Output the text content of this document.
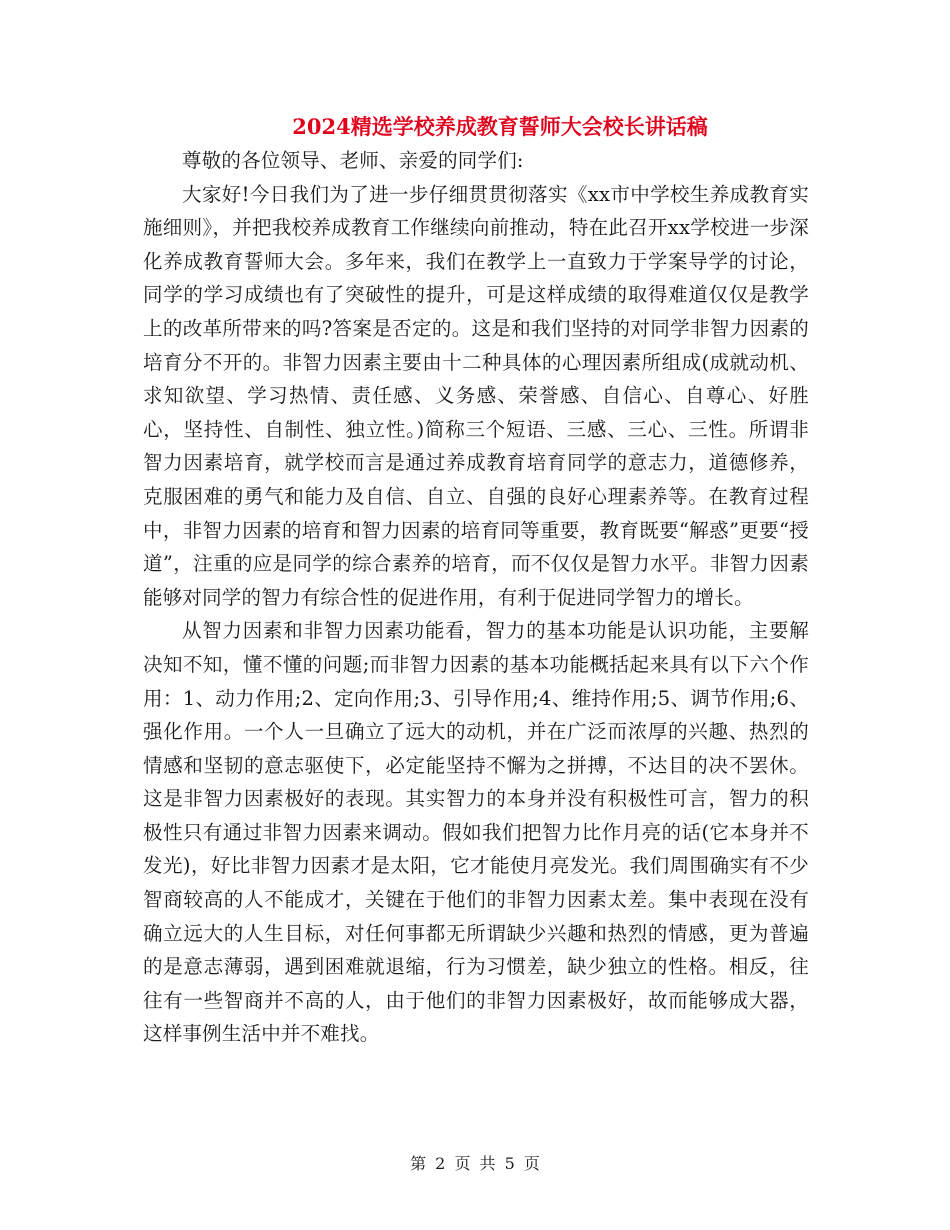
2024精选学校养成教育誓师大会校长讲话稿

尊敬的各位领导、老师、亲爱的同学们:

大家好!今日我们为了进一步仔细贯贯彻落实《xx市中学校生养成教育实施细则》，并把我校养成教育工作继续向前推动，特在此召开xx学校进一步深化养成教育誓师大会。多年来，我们在教学上一直致力于学案导学的讨论，同学的学习成绩也有了突破性的提升，可是这样成绩的取得难道仅仅是教学上的改革所带来的吗?答案是否定的。这是和我们坚持的对同学非智力因素的培育分不开的。非智力因素主要由十二种具体的心理因素所组成(成就动机、求知欲望、学习热情、责任感、义务感、荣誉感、自信心、自尊心、好胜心，坚持性、自制性、独立性。)简称三个短语、三感、三心、三性。所谓非智力因素培育，就学校而言是通过养成教育培育同学的意志力，道德修养，克服困难的勇气和能力及自信、自立、自强的良好心理素养等。在教育过程中，非智力因素的培育和智力因素的培育同等重要，教育既要“解惑”更要“授道”，注重的应是同学的综合素养的培育，而不仅仅是智力水平。非智力因素能够对同学的智力有综合性的促进作用，有利于促进同学智力的增长。

从智力因素和非智力因素功能看，智力的基本功能是认识功能，主要解决知不知，懂不懂的问题;而非智力因素的基本功能概括起来具有以下六个作用：1、动力作用;2、定向作用;3、引导作用;4、维持作用;5、调节作用;6、强化作用。一个人一旦确立了远大的动机，并在广泛而浓厚的兴趣、热烈的情感和坚韧的意志驱使下，必定能坚持不懈为之拼搏，不达目的决不罢休。这是非智力因素极好的表现。其实智力的本身并没有积极性可言，智力的积极性只有通过非智力因素来调动。假如我们把智力比作月亮的话(它本身并不发光)，好比非智力因素才是太阳，它才能使月亮发光。我们周围确实有不少智商较高的人不能成才，关键在于他们的非智力因素太差。集中表现在没有确立远大的人生目标，对任何事都无所谓缺少兴趣和热烈的情感，更为普遍的是意志薄弱，遇到困难就退缩，行为习惯差，缺少独立的性格。相反，往往有一些智商并不高的人，由于他们的非智力因素极好，故而能够成大器，这样事例生活中并不难找。

第 2 页 共 5 页
